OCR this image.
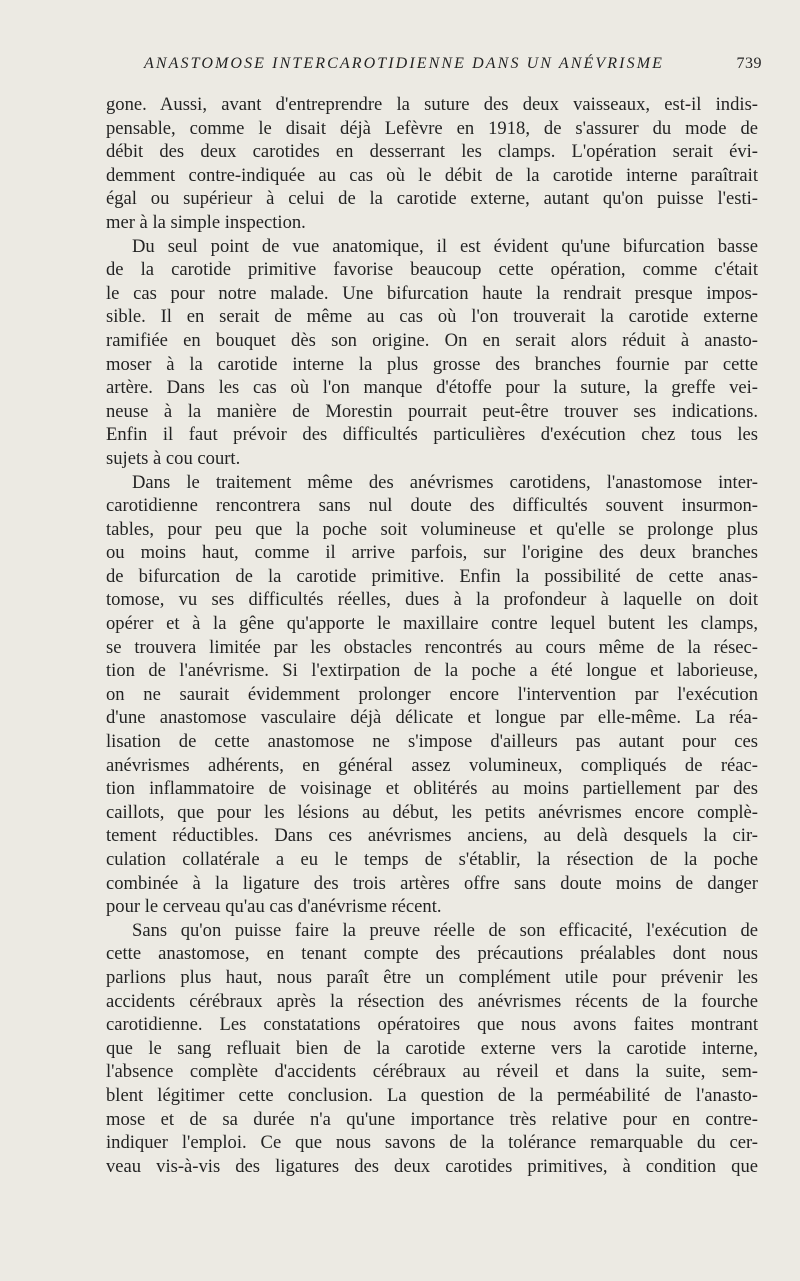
ANASTOMOSE INTERCAROTIDIENNE DANS UN ANÉVRISME	739
gone. Aussi, avant d'entreprendre la suture des deux vaisseaux, est-il indis-
pensable, comme le disait déjà Lefèvre en 1918, de s'assurer du mode de
débit des deux carotides en desserrant les clamps. L'opération serait évi-
demment contre-indiquée au cas où le débit de la carotide interne paraîtrait
égal ou supérieur à celui de la carotide externe, autant qu'on puisse l'esti-
mer à la simple inspection.
Du seul point de vue anatomique, il est évident qu'une bifurcation basse
de la carotide primitive favorise beaucoup cette opération, comme c'était
le cas pour notre malade. Une bifurcation haute la rendrait presque impos-
sible. Il en serait de même au cas où l'on trouverait la carotide externe
ramifiée en bouquet dès son origine. On en serait alors réduit à anasto-
moser à la carotide interne la plus grosse des branches fournie par cette
artère. Dans les cas où l'on manque d'étoffe pour la suture, la greffe vei-
neuse à la manière de Morestin pourrait peut-être trouver ses indications.
Enfin il faut prévoir des difficultés particulières d'exécution chez tous les
sujets à cou court.
Dans le traitement même des anévrismes carotidens, l'anastomose inter-
carotidienne rencontrera sans nul doute des difficultés souvent insurmon-
tables, pour peu que la poche soit volumineuse et qu'elle se prolonge plus
ou moins haut, comme il arrive parfois, sur l'origine des deux branches
de bifurcation de la carotide primitive. Enfin la possibilité de cette anas-
tomose, vu ses difficultés réelles, dues à la profondeur à laquelle on doit
opérer et à la gêne qu'apporte le maxillaire contre lequel butent les clamps,
se trouvera limitée par les obstacles rencontrés au cours même de la résec-
tion de l'anévrisme. Si l'extirpation de la poche a été longue et laborieuse,
on ne saurait évidemment prolonger encore l'intervention par l'exécution
d'une anastomose vasculaire déjà délicate et longue par elle-même. La réa-
lisation de cette anastomose ne s'impose d'ailleurs pas autant pour ces
anévrismes adhérents, en général assez volumineux, compliqués de réac-
tion inflammatoire de voisinage et oblitérés au moins partiellement par des
caillots, que pour les lésions au début, les petits anévrismes encore complè-
tement réductibles. Dans ces anévrismes anciens, au delà desquels la cir-
culation collatérale a eu le temps de s'établir, la résection de la poche
combinée à la ligature des trois artères offre sans doute moins de danger
pour le cerveau qu'au cas d'anévrisme récent.
Sans qu'on puisse faire la preuve réelle de son efficacité, l'exécution de
cette anastomose, en tenant compte des précautions préalables dont nous
parlions plus haut, nous paraît être un complément utile pour prévenir les
accidents cérébraux après la résection des anévrismes récents de la fourche
carotidienne. Les constatations opératoires que nous avons faites montrant
que le sang refluait bien de la carotide externe vers la carotide interne,
l'absence complète d'accidents cérébraux au réveil et dans la suite, sem-
blent légitimer cette conclusion. La question de la perméabilité de l'anasto-
mose et de sa durée n'a qu'une importance très relative pour en contre-
indiquer l'emploi. Ce que nous savons de la tolérance remarquable du cer-
veau vis-à-vis des ligatures des deux carotides primitives, à condition que
